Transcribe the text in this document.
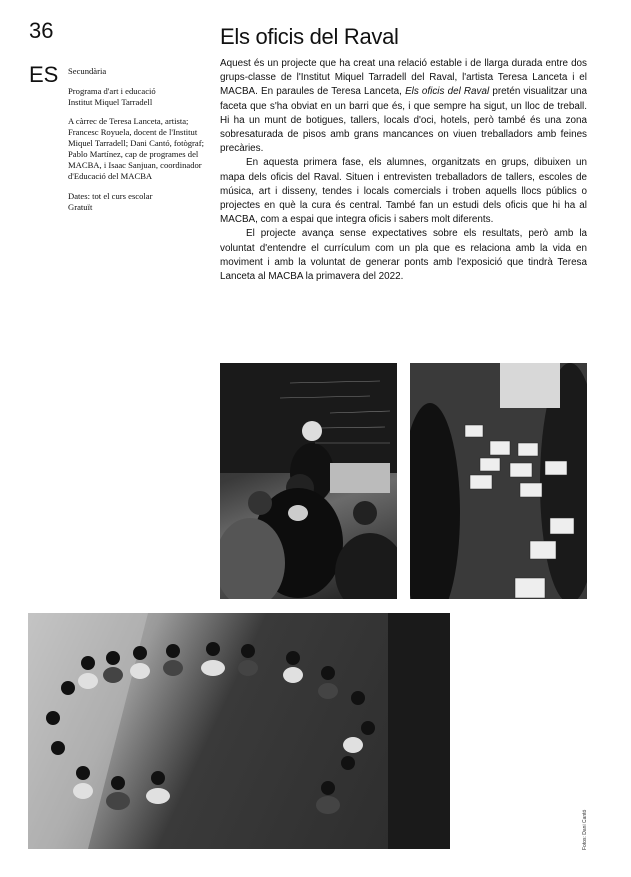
36
ES Secundària

Programa d'art i educació
Institut Miquel Tarradell

A càrrec de Teresa Lanceta, artista; Francesc Royuela, docent de l'Institut Miquel Tarradell; Dani Cantó, fotògraf; Pablo Martínez, cap de programes del MACBA, i Isaac Sanjuan, coordinador d'Educació del MACBA

Dates: tot el curs escolar
Gratuït

Els oficis del Raval

Aquest és un projecte que ha creat una relació estable i de llarga durada entre dos grups-classe de l'Institut Miquel Tarradell del Raval, l'artista Teresa Lanceta i el MACBA. En paraules de Teresa Lanceta, Els oficis del Raval pretén visualitzar una faceta que s'ha obviat en un barri que és, i que sempre ha sigut, un lloc de treball. Hi ha un munt de botigues, tallers, locals d'oci, hotels, però també és una zona sobresaturada de pisos amb grans mancances on viuen treballadors amb feines precàries.

En aquesta primera fase, els alumnes, organitzats en grups, dibuixen un mapa dels oficis del Raval. Situen i entrevisten treballadors de tallers, escoles de música, art i disseny, tendes i locals comercials i troben aquells llocs públics o projectes en què la cura és central. També fan un estudi dels oficis que hi ha al MACBA, com a espai que integra oficis i sabers molt diferents.

El projecte avança sense expectatives sobre els resultats, però amb la voluntat d'entendre el currículum com un pla que es relaciona amb la vida en moviment i amb la voluntat de generar ponts amb l'exposició que tindrà Teresa Lanceta al MACBA la primavera del 2022.

Fotos: Dani Cantó
